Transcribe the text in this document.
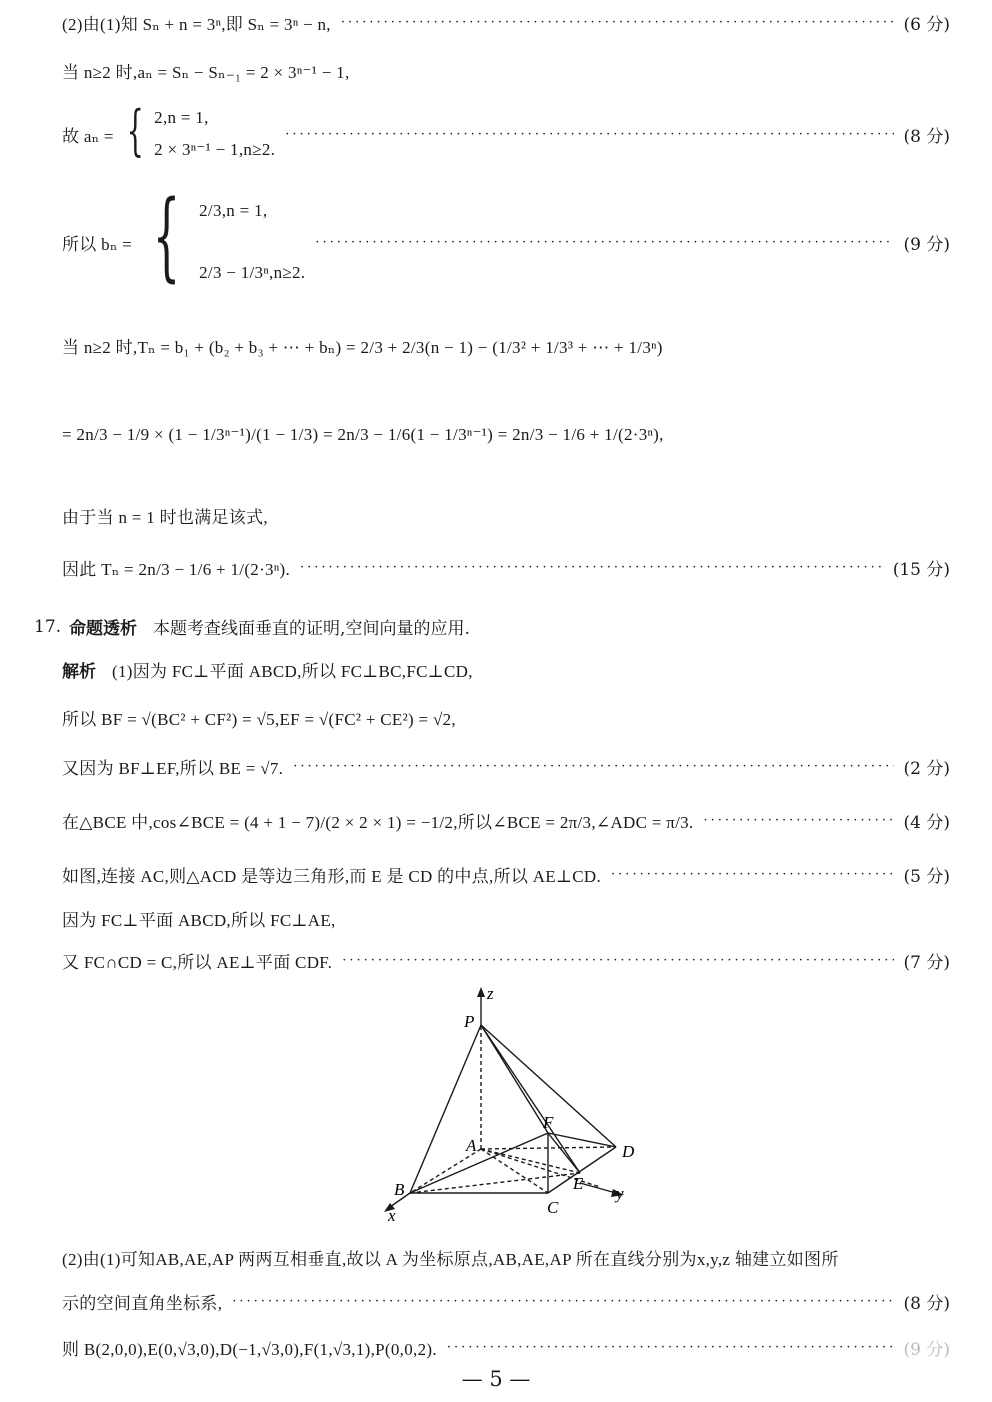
(2)由(1)知 Sₙ + n = 3ⁿ,即 Sₙ = 3ⁿ − n, ·····	(6 分)
当 n≥2 时,aₙ = Sₙ − Sₙ₋₁ = 2 × 3ⁿ⁻¹ − 1,
故 aₙ = { 2,n = 1,
2 × 3ⁿ⁻¹ − 1,n≥2.
·····
(8 分)
所以 bₙ = { 2/3,n = 1,
2/3 − 1/3ⁿ,n≥2.
·····
(9 分)
当 n≥2 时,Tₙ = b₁ + (b₂ + b₃ + ⋯ + bₙ) = 2/3 + 2/3(n − 1) − (1/3² + 1/3³ + ⋯ + 1/3ⁿ)
= 2n/3 − 1/9 × (1 − 1/3ⁿ⁻¹)/(1 − 1/3) = 2n/3 − 1/6(1 − 1/3ⁿ⁻¹) = 2n/3 − 1/6 + 1/(2·3ⁿ),
由于当 n = 1 时也满足该式,
因此 Tₙ = 2n/3 − 1/6 + 1/(2·3ⁿ). ·····	(15 分)
17. 命题透析 本题考查线面垂直的证明,空间向量的应用.
解析 (1)因为 FC⊥平面 ABCD,所以 FC⊥BC,FC⊥CD,
所以 BF = √(BC² + CF²) = √5,EF = √(FC² + CE²) = √2,
又因为 BF⊥EF,所以 BE = √7. ·····	(2 分)
在△BCE 中,cos∠BCE = (4 + 1 − 7)/(2 × 2 × 1) = −1/2,所以∠BCE = 2π/3,∠ADC = π/3. ·····	(4 分)
如图,连接 AC,则△ACD 是等边三角形,而 E 是 CD 的中点,所以 AE⊥CD. ·····	(5 分)
因为 FC⊥平面 ABCD,所以 FC⊥AE,
又 FC∩CD = C,所以 AE⊥平面 CDF. ·····	(7 分)
z
P
A
F
D
B	E
y
x	C
(2)由(1)可知AB,AE,AP 两两互相垂直,故以 A 为坐标原点,AB,AE,AP 所在直线分别为x,y,z 轴建立如图所
示的空间直角坐标系, ·····	(8 分)
则 B(2,0,0),E(0,√3,0),D(−1,√3,0),F(1,√3,1),P(0,0,2). ·····	(9 分)
— 5 —
